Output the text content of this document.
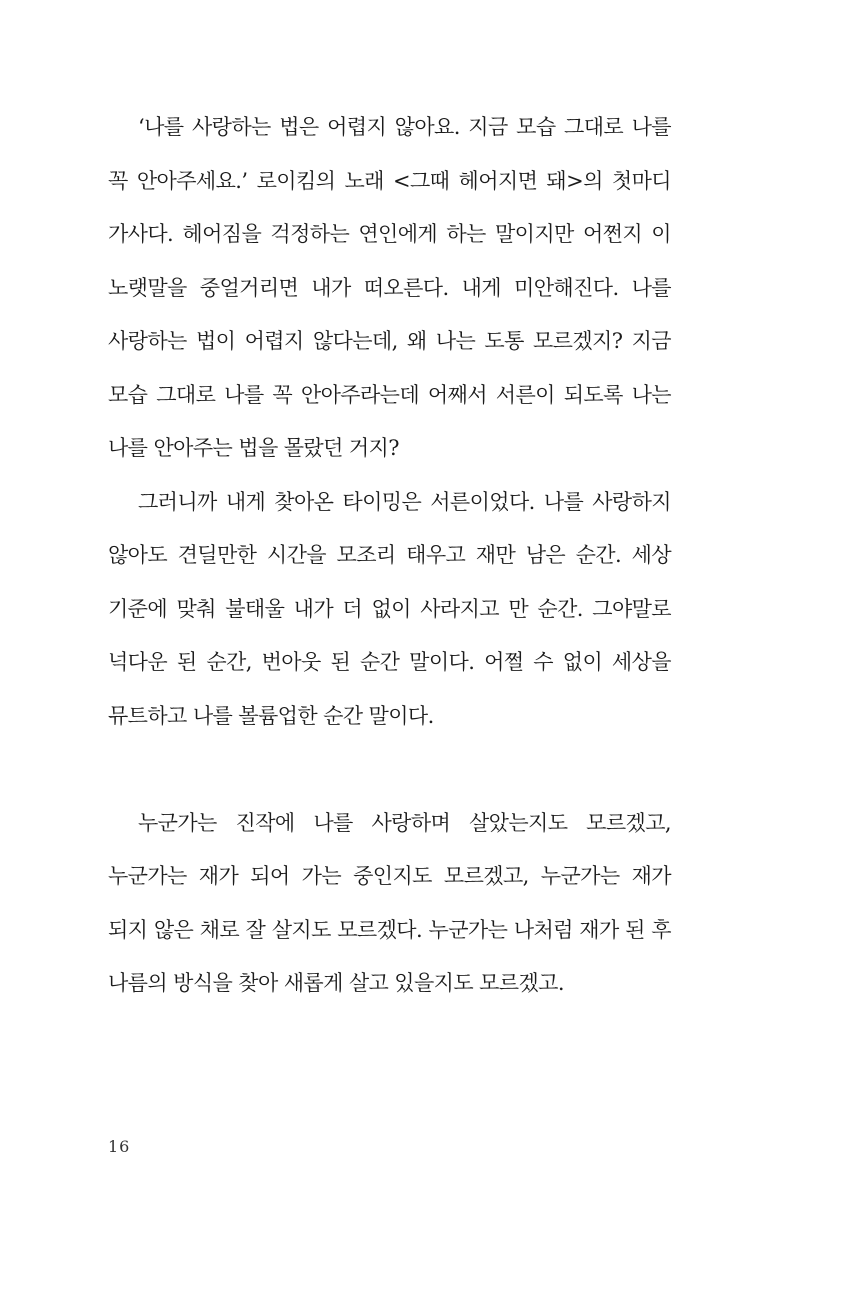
‘나를 사랑하는 법은 어렵지 않아요. 지금 모습 그대로 나를 꼭 안아주세요.’ 로이킴의 노래 <그때 헤어지면 돼>의 첫마디 가사다. 헤어짐을 걱정하는 연인에게 하는 말이지만 어쩐지 이 노랫말을 중얼거리면 내가 떠오른다. 내게 미안해진다. 나를 사랑하는 법이 어렵지 않다는데, 왜 나는 도통 모르겠지? 지금 모습 그대로 나를 꼭 안아주라는데 어째서 서른이 되도록 나는 나를 안아주는 법을 몰랐던 거지?

그러니까 내게 찾아온 타이밍은 서른이었다. 나를 사랑하지 않아도 견딜만한 시간을 모조리 태우고 재만 남은 순간. 세상 기준에 맞춰 불태울 내가 더 없이 사라지고 만 순간. 그야말로 넉다운 된 순간, 번아웃 된 순간 말이다. 어쩔 수 없이 세상을 뮤트하고 나를 볼륨업한 순간 말이다.

누군가는 진작에 나를 사랑하며 살았는지도 모르겠고, 누군가는 재가 되어 가는 중인지도 모르겠고, 누군가는 재가 되지 않은 채로 잘 살지도 모르겠다. 누군가는 나처럼 재가 된 후 나름의 방식을 찾아 새롭게 살고 있을지도 모르겠고.

16
